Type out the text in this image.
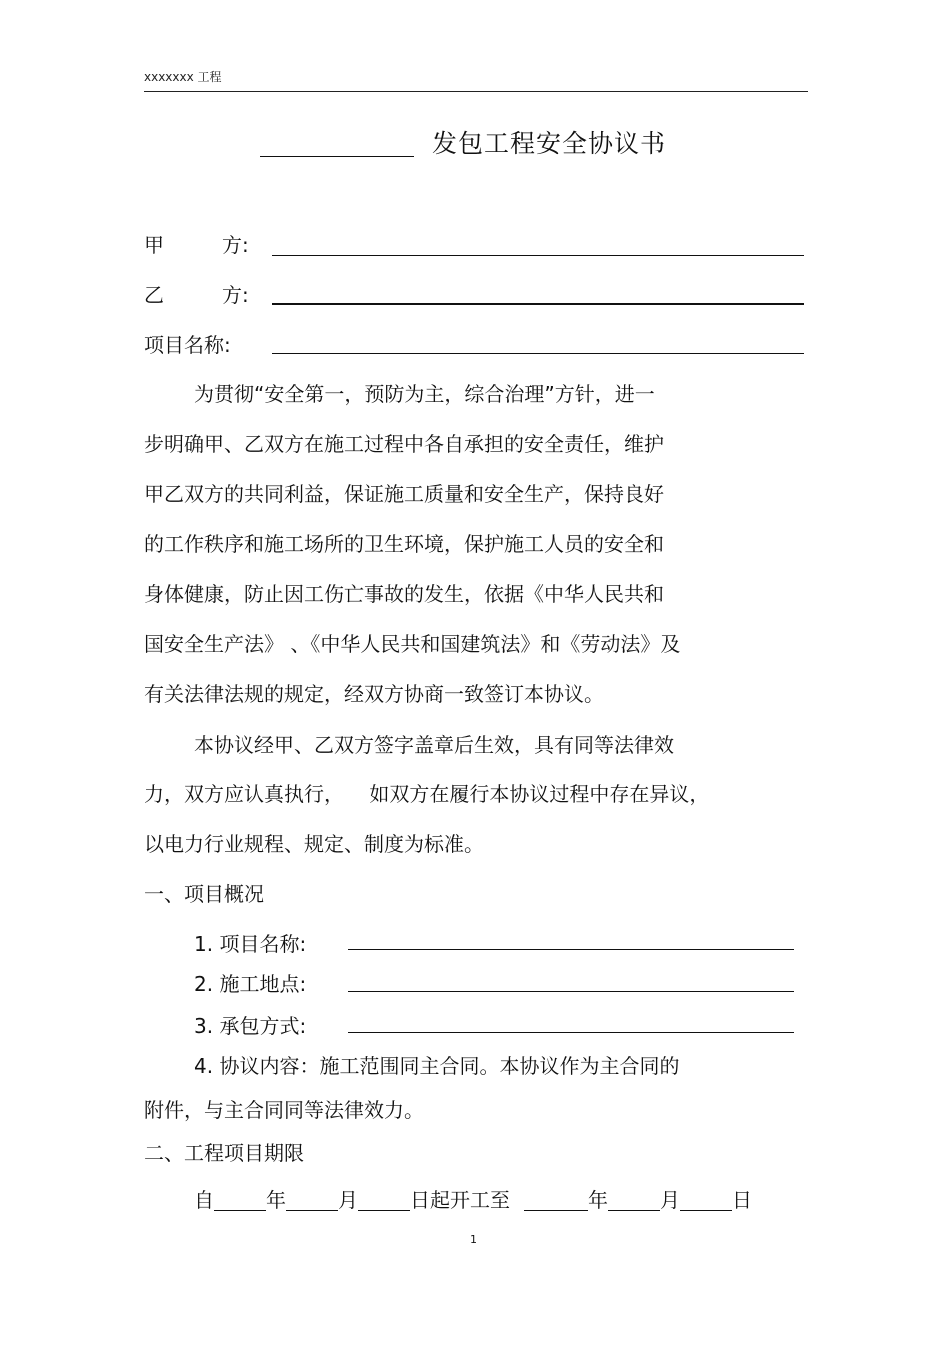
xxxxxxx 工程
发包工程安全协议书
甲	方:
乙	方:
项目名称:
为贯彻“安全第一，预防为主，综合治理”方针，进一
步明确甲、乙双方在施工过程中各自承担的安全责任，维护
甲乙双方的共同利益，保证施工质量和安全生产，保持良好
的工作秩序和施工场所的卫生环境，保护施工人员的安全和
身体健康，防止因工伤亡事故的发生，依据《中华人民共和
国安全生产法》 、《中华人民共和国建筑法》和《劳动法》及
有关法律法规的规定，经双方协商一致签订本协议。
本协议经甲、乙双方签字盖章后生效，具有同等法律效
力，双方应认真执行，    如双方在履行本协议过程中存在异议，
以电力行业规程、规定、制度为标准。
一、项目概况
1. 项目名称:
2. 施工地点:
3. 承包方式:
4. 协议内容：施工范围同主合同。本协议作为主合同的
附件，与主合同同等法律效力。
二、工程项目期限
自	年	月	日起开工至	年	月	日
1
